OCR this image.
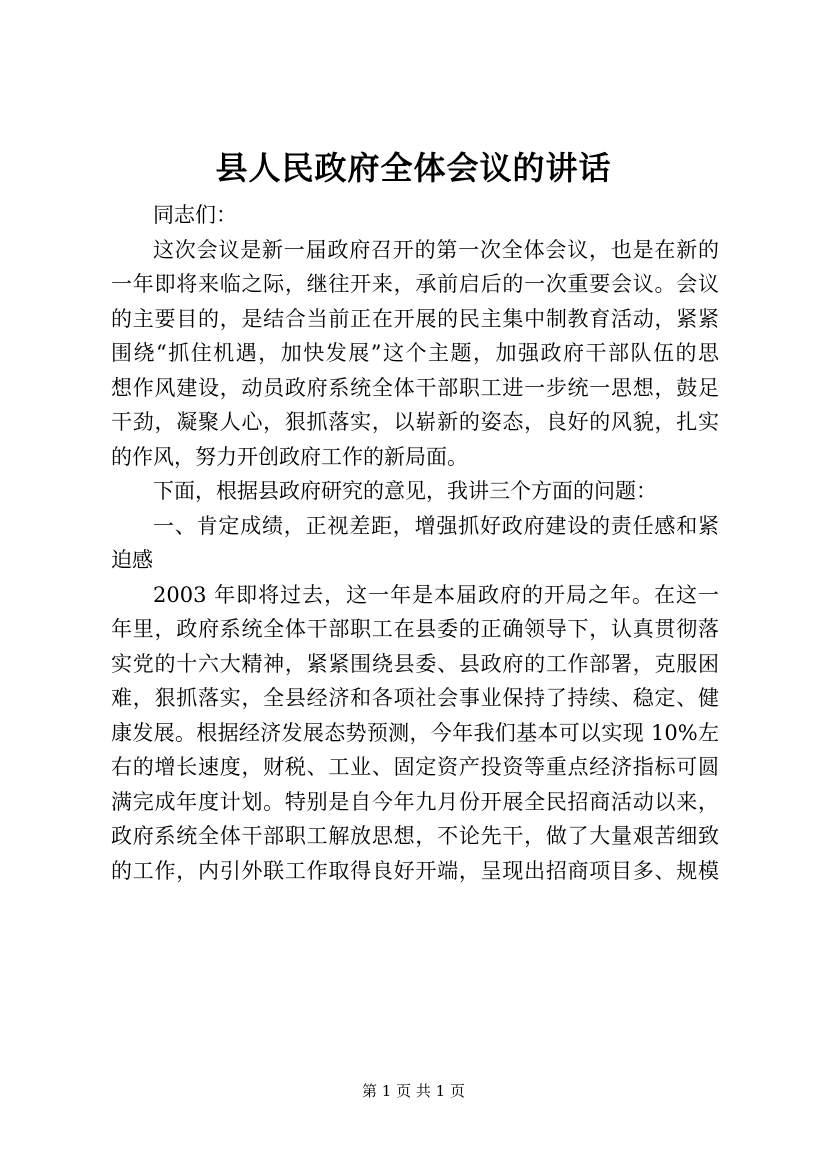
县人民政府全体会议的讲话

同志们：

这次会议是新一届政府召开的第一次全体会议，也是在新的
一年即将来临之际，继往开来，承前启后的一次重要会议。会议
的主要目的，是结合当前正在开展的民主集中制教育活动，紧紧
围绕“抓住机遇，加快发展”这个主题，加强政府干部队伍的思
想作风建设，动员政府系统全体干部职工进一步统一思想，鼓足
干劲，凝聚人心，狠抓落实，以崭新的姿态，良好的风貌，扎实
的作风，努力开创政府工作的新局面。

下面，根据县政府研究的意见，我讲三个方面的问题：

一、肯定成绩，正视差距，增强抓好政府建设的责任感和紧
迫感

2003 年即将过去，这一年是本届政府的开局之年。在这一
年里，政府系统全体干部职工在县委的正确领导下，认真贯彻落
实党的十六大精神，紧紧围绕县委、县政府的工作部署，克服困
难，狠抓落实，全县经济和各项社会事业保持了持续、稳定、健
康发展。根据经济发展态势预测，今年我们基本可以实现 10%左
右的增长速度，财税、工业、固定资产投资等重点经济指标可圆
满完成年度计划。特别是自今年九月份开展全民招商活动以来，
政府系统全体干部职工解放思想，不论先干，做了大量艰苦细致
的工作，内引外联工作取得良好开端，呈现出招商项目多、规模

第 1 页 共 1 页
